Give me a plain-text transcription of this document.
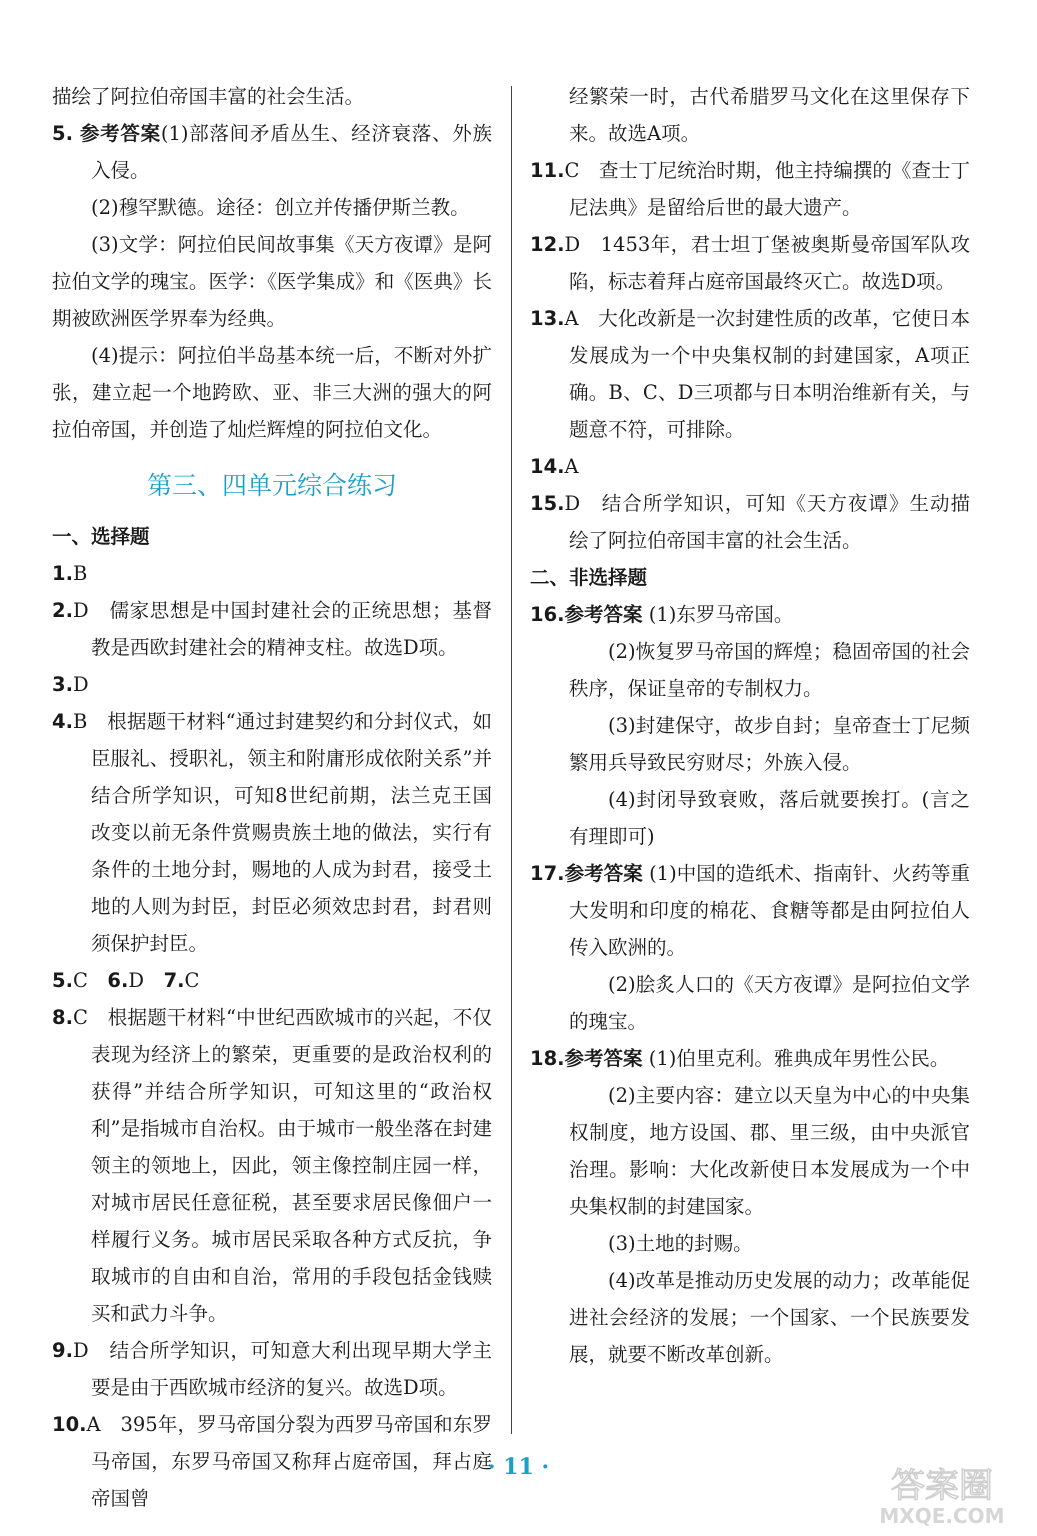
描绘了阿拉伯帝国丰富的社会生活。

5. 参考答案(1)部落间矛盾丛生、经济衰落、外族入侵。

(2)穆罕默德。途径：创立并传播伊斯兰教。

(3)文学：阿拉伯民间故事集《天方夜谭》是阿拉伯文学的瑰宝。医学：《医学集成》和《医典》长期被欧洲医学界奉为经典。

(4)提示：阿拉伯半岛基本统一后，不断对外扩张，建立起一个地跨欧、亚、非三大洲的强大的阿拉伯帝国，并创造了灿烂辉煌的阿拉伯文化。

第三、四单元综合练习

一、选择题

1.B

2.D　儒家思想是中国封建社会的正统思想；基督教是西欧封建社会的精神支柱。故选D项。

3.D

4.B　根据题干材料“通过封建契约和分封仪式，如臣服礼、授职礼，领主和附庸形成依附关系”并结合所学知识，可知8世纪前期，法兰克王国改变以前无条件赏赐贵族土地的做法，实行有条件的土地分封，赐地的人成为封君，接受土地的人则为封臣，封臣必须效忠封君，封君则须保护封臣。

5.C　 6.D　 7.C

8.C　根据题干材料“中世纪西欧城市的兴起，不仅表现为经济上的繁荣，更重要的是政治权利的获得”并结合所学知识，可知这里的“政治权利”是指城市自治权。由于城市一般坐落在封建领主的领地上，因此，领主像控制庄园一样，对城市居民任意征税，甚至要求居民像佃户一样履行义务。城市居民采取各种方式反抗，争取城市的自由和自治，常用的手段包括金钱赎买和武力斗争。

9.D　结合所学知识，可知意大利出现早期大学主要是由于西欧城市经济的复兴。故选D项。

10.A　395年，罗马帝国分裂为西罗马帝国和东罗马帝国，东罗马帝国又称拜占庭帝国，拜占庭帝国曾

经繁荣一时，古代希腊罗马文化在这里保存下来。故选A项。

11.C　查士丁尼统治时期，他主持编撰的《查士丁尼法典》是留给后世的最大遗产。

12.D　1453年，君士坦丁堡被奥斯曼帝国军队攻陷，标志着拜占庭帝国最终灭亡。故选D项。

13.A　大化改新是一次封建性质的改革，它使日本发展成为一个中央集权制的封建国家，A项正确。B、C、D三项都与日本明治维新有关，与题意不符，可排除。

14.A

15.D　结合所学知识，可知《天方夜谭》生动描绘了阿拉伯帝国丰富的社会生活。

二、非选择题

16.参考答案 (1)东罗马帝国。

(2)恢复罗马帝国的辉煌；稳固帝国的社会秩序，保证皇帝的专制权力。

(3)封建保守，故步自封；皇帝查士丁尼频繁用兵导致民穷财尽；外族入侵。

(4)封闭导致衰败，落后就要挨打。(言之有理即可)

17.参考答案 (1)中国的造纸术、指南针、火药等重大发明和印度的棉花、食糖等都是由阿拉伯人传入欧洲的。

(2)脍炙人口的《天方夜谭》是阿拉伯文学的瑰宝。

18.参考答案 (1)伯里克利。雅典成年男性公民。

(2)主要内容：建立以天皇为中心的中央集权制度，地方设国、郡、里三级，由中央派官治理。影响：大化改新使日本发展成为一个中央集权制的封建国家。

(3)土地的封赐。

(4)改革是推动历史发展的动力；改革能促进社会经济的发展；一个国家、一个民族要发展，就要不断改革创新。

· 11 ·	答案圈
MXQE.COM
